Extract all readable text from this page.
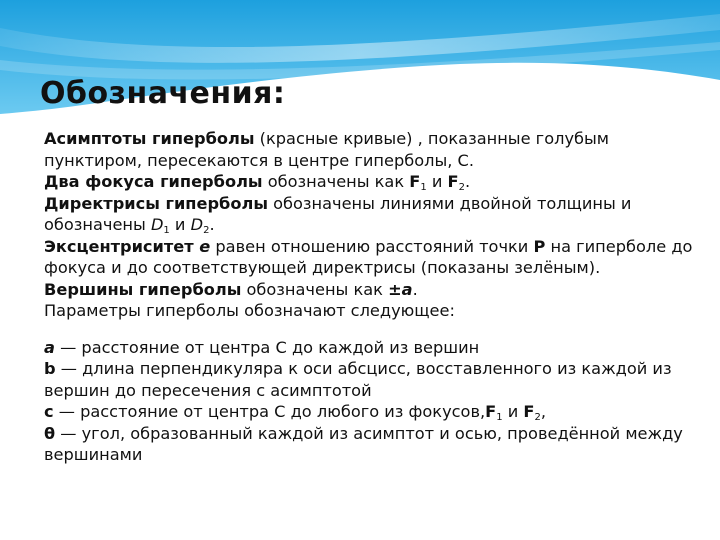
Обозначения:

Асимптоты гиперболы (красные кривые) , показанные голубым пунктиром, пересекаются в центре гиперболы, C.

Два фокуса гиперболы обозначены как $F_1$ и $F_2$.

Директрисы гиперболы обозначены линиями двойной толщины и обозначены $D_1$ и $D_2$.

Эксцентриситет e равен отношению расстояний точки P на гиперболе до фокуса и до соответствующей директрисы (показаны зелёным).

Вершины гиперболы обозначены как ±a.

Параметры гиперболы обозначают следующее:

a — расстояние от центра C до каждой из вершин

b — длина перпендикуляра к оси абсцисс, восставленного из каждой из вершин до пересечения с асимптотой

c — расстояние от центра C до любого из $фокусов,F_1$ и $F_2$,

θ — угол, образованный каждой из асимптот и осью, проведённой между вершинами
